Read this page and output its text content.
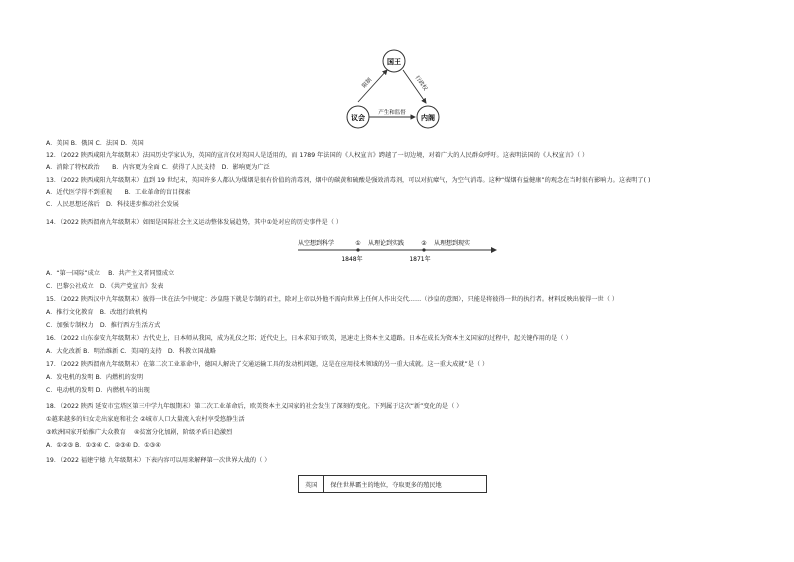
国王
议会	内阁
限制	行政权
产生和监督
A．美国 B．俄国 C．法国 D．英国
12．（2022 陕西咸阳九年级期末）法国历史学家认为，英国的宣言仅对英国人是适用的，而 1789 年法国的《人权宣言》跨越了一切边境，对着广大的人民群众呼吁。这表明法国的《人权宣言》（ ）
A．消除了特权政治　　B．内容更为全面 C．获得了人民支持　D．影响更为广泛
13．（2022 陕西咸阳九年级期末）直到 19 世纪末，英国许多人都认为煤烟是很有价值的消毒剂，烟中的碳黄和硫酸是强效消毒剂，可以对抗瘴气，为空气消毒。这种“煤烟有益健康”的观念在当时很有影响力。这表明了( )
A．近代医学得不到重视　　B．工业革命的盲目探索
C．人民思想还落后　D．科技进步推动社会发展
14．（2022 陕西渭南九年级期末）如图是国际社会主义运动整体发展趋势，其中①处对应的历史事件是（ ）
从空想到科学	① 从理论到实践	② 从理想到现实
1848年	1871年
A．“第一国际”成立　 B．共产主义者同盟成立
C．巴黎公社成立　D．《共产党宣言》发表
15．（2022 陕西汉中九年级期末）彼得一世在法令中规定：沙皇陛下就是专制的君主，除对上帝以外他不需向世界上任何人作出交代……（沙皇的意图），只能是将彼得一世的执行者。材料反映出彼得一世（ ）
A．推行文化教育　B．改组行政机构
C．加强专制权力　D．推行西方生活方式
16．（2022 山东泰安九年级期末）古代史上，日本师从我国，成为礼仪之邦；近代史上，日本求知于欧美，迅速走上资本主义道路。日本在成长为资本主义国家的过程中，起关键作用的是（ ）
A．大化改新 B．明治维新 C．美国的支持　D．科教立国战略
17．（2022 陕西渭南九年级期末）在第二次工业革命中，德国人解决了交通运输工具的发动机问题，这是在应用技术领域的另一重大成就。这一重大成就”是（ ）
A．发电机的发明 B．内燃机的发明
C．电动机的发明 D．内燃机车的出现
18．（2022 陕西 延安市宝塔区第三中学九年级期末）第二次工业革命后，欧美资本主义国家的社会发生了深刻的变化。下列属于这次“新”变化的是（ ）
①越来越多的妇女走出家庭和社会 ②城市人口大量流入农村享受悠静生活
③欧洲国家开始推广大众教育　 ④贫富分化加剧，阶级矛盾日趋激烈
A．①②③ B．①③④ C．②③④ D．①③④
19．（2022 福建宁德 九年级期末）下表内容可以用来解释第一次世界大战的（ ）
英国	保住世界霸主的地位，夺取更多的殖民地
